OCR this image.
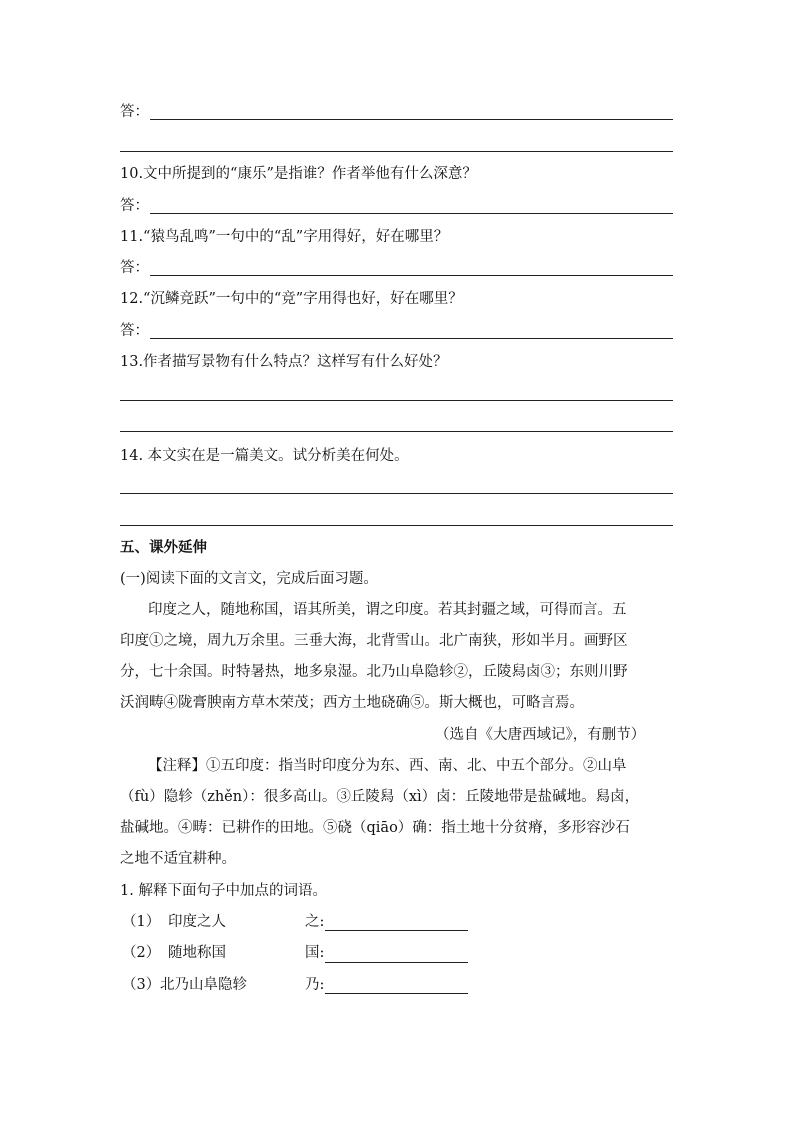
答：
10.文中所提到的“康乐”是指谁？作者举他有什么深意？
答：
11.“猿鸟乱鸣”一句中的“乱”字用得好，好在哪里？
答：
12.“沉鳞竞跃”一句中的“竞”字用得也好，好在哪里？
答：
13.作者描写景物有什么特点？这样写有什么好处？
14. 本文实在是一篇美文。试分析美在何处。
五、课外延伸
(一)阅读下面的文言文，完成后面习题。
印度之人，随地称国，语其所美，谓之印度。若其封疆之域，可得而言。五
印度①之境，周九万余里。三垂大海，北背雪山。北广南狭，形如半月。画野区
分，七十余国。时特暑热，地多泉湿。北乃山阜隐轸②，丘陵舄卤③；东则川野
沃润畴④陇膏腴南方草木荣茂；西方土地硗确⑤。斯大概也，可略言焉。
（选自《大唐西域记》，有删节）
【注释】①五印度：指当时印度分为东、西、南、北、中五个部分。②山阜
（fù）隐轸（zhěn）：很多高山。③丘陵舄（xì）卤：丘陵地带是盐碱地。舄卤，
盐碱地。④畴：已耕作的田地。⑤硗（qiāo）确：指土地十分贫瘠，多形容沙石
之地不适宜耕种。
1. 解释下面句子中加点的词语。
（1） 印度之人	之:
（2） 随地称国	国:
（3） 北乃山阜隐轸	乃:
